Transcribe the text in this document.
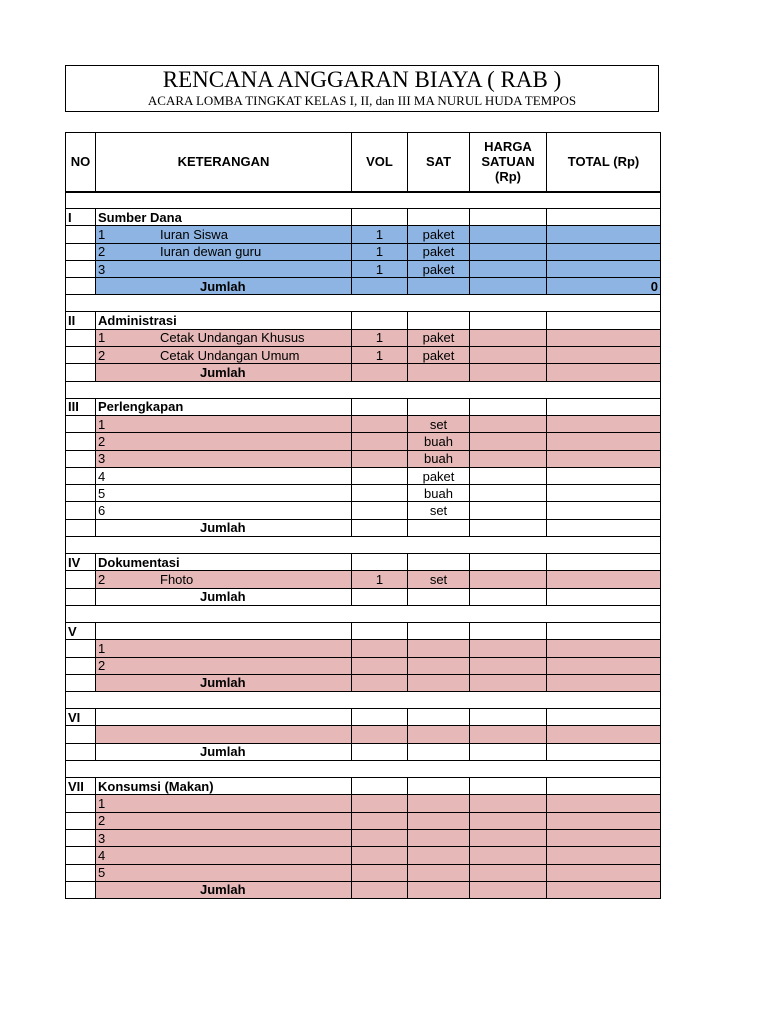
RENCANA ANGGARAN BIAYA ( RAB )
ACARA LOMBA TINGKAT KELAS I, II, dan III MA NURUL HUDA TEMPOS
NO	KETERANGAN	VOL	SAT	HARGA SATUAN (Rp)	TOTAL (Rp)

I	Sumber Dana				
	1 Iuran Siswa	1	paket		
	2 Iuran dewan guru	1	paket		
	3	1	paket		
	Jumlah				0

II	Administrasi				
	1 Cetak Undangan Khusus	1	paket		
	2 Cetak Undangan Umum	1	paket		
	Jumlah				

III	Perlengkapan				
	1		set		
	2		buah		
	3		buah		
	4		paket		
	5		buah		
	6		set		
	Jumlah				

IV	Dokumentasi				
	2 Fhoto	1	set		
	Jumlah				

V					
	1				
	2				
	Jumlah				

VI					

	Jumlah				

VII	Konsumsi (Makan)				
	1				
	2				
	3				
	4				
	5				
	Jumlah				
